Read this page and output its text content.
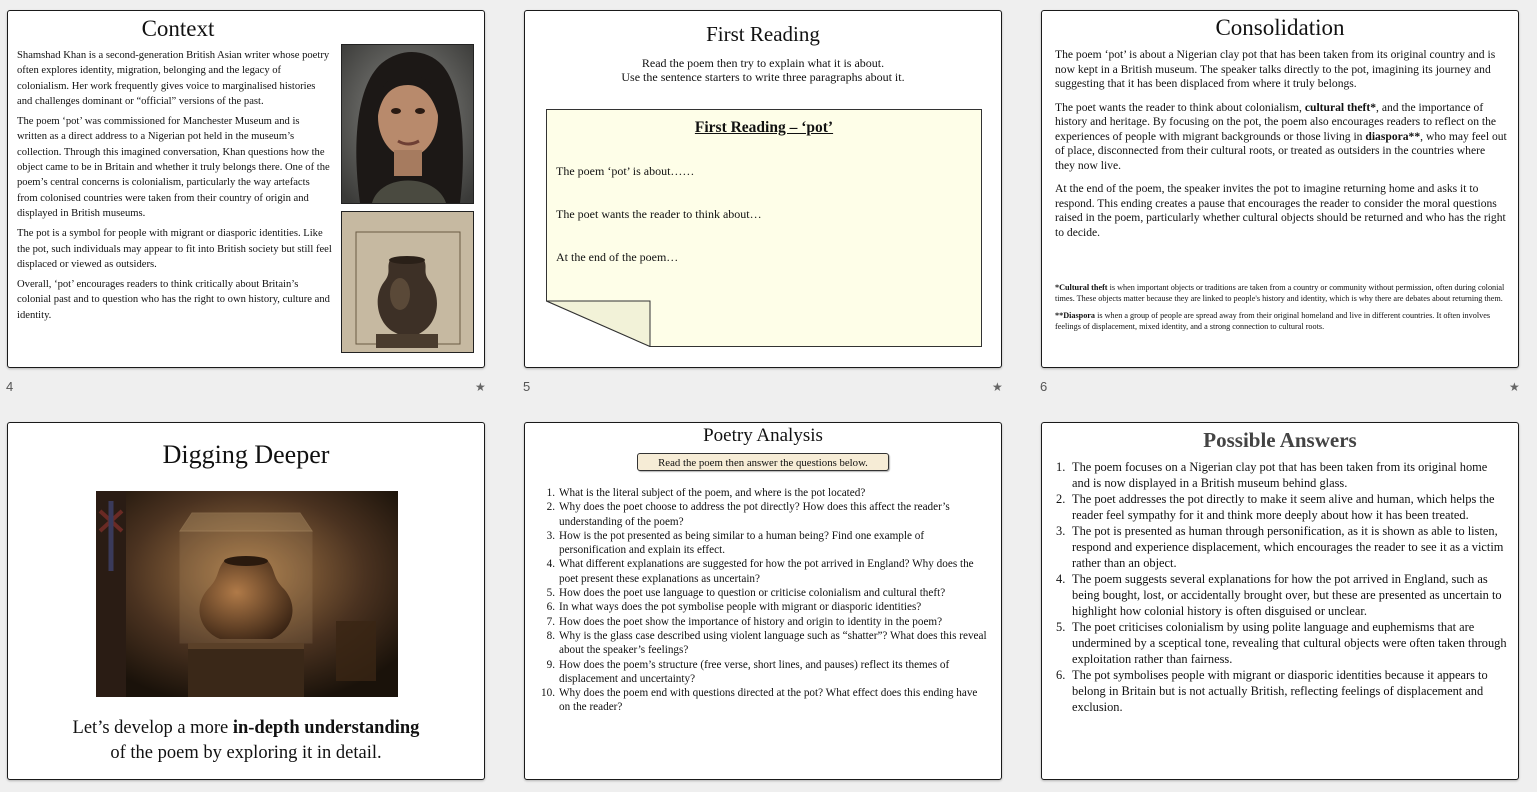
Context

Shamshad Khan is a second-generation British Asian writer whose poetry often explores identity, migration, belonging and the legacy of colonialism. Her work frequently gives voice to marginalised histories and challenges dominant or “official” versions of the past.

The poem ‘pot’ was commissioned for Manchester Museum and is written as a direct address to a Nigerian pot held in the museum’s collection. Through this imagined conversation, Khan questions how the object came to be in Britain and whether it truly belongs there. One of the poem’s central concerns is colonialism, particularly the way artefacts from colonised countries were taken from their country of origin and displayed in British museums.

The pot is a symbol for people with migrant or diasporic identities. Like the pot, such individuals may appear to fit into British society but still feel displaced or viewed as outsiders.

Overall, ‘pot’ encourages readers to think critically about Britain’s colonial past and to question who has the right to own history, culture and identity.

4	★
First Reading
Read the poem then try to explain what it is about.
Use the sentence starters to write three paragraphs about it.
First Reading – ‘pot’
The poem ‘pot’ is about……
The poet wants the reader to think about…
At the end of the poem…
5	★
Consolidation

The poem ‘pot’ is about a Nigerian clay pot that has been taken from its original country and is now kept in a British museum. The speaker talks directly to the pot, imagining its journey and suggesting that it has been displaced from where it truly belongs.

The poet wants the reader to think about colonialism, cultural theft*, and the importance of history and heritage. By focusing on the pot, the poem also encourages readers to reflect on the experiences of people with migrant backgrounds or those living in diaspora**, who may feel out of place, disconnected from their cultural roots, or treated as outsiders in the countries where they now live.

At the end of the poem, the speaker invites the pot to imagine returning home and asks it to respond. This ending creates a pause that encourages the reader to consider the moral questions raised in the poem, particularly whether cultural objects should be returned and who has the right to decide.

*Cultural theft is when important objects or traditions are taken from a country or community without permission, often during colonial times. These objects matter because they are linked to people's history and identity, which is why there are debates about returning them.

**Diaspora is when a group of people are spread away from their original homeland and live in different countries. It often involves feelings of displacement, mixed identity, and a strong connection to cultural roots.

6	★
Digging Deeper
Let’s develop a more in-depth understanding
of the poem by exploring it in detail.
Poetry Analysis
Read the poem then answer the questions below.
1. What is the literal subject of the poem, and where is the pot located?
2. Why does the poet choose to address the pot directly? How does this affect the reader’s understanding of the poem?
3. How is the pot presented as being similar to a human being? Find one example of personification and explain its effect.
4. What different explanations are suggested for how the pot arrived in England? Why does the poet present these explanations as uncertain?
5. How does the poet use language to question or criticise colonialism and cultural theft?
6. In what ways does the pot symbolise people with migrant or diasporic identities?
7. How does the poet show the importance of history and origin to identity in the poem?
8. Why is the glass case described using violent language such as “shatter”? What does this reveal about the speaker’s feelings?
9. How does the poem’s structure (free verse, short lines, and pauses) reflect its themes of displacement and uncertainty?
10. Why does the poem end with questions directed at the pot? What effect does this ending have on the reader?
Possible Answers
1. The poem focuses on a Nigerian clay pot that has been taken from its original home and is now displayed in a British museum behind glass.
2. The poet addresses the pot directly to make it seem alive and human, which helps the reader feel sympathy for it and think more deeply about how it has been treated.
3. The pot is presented as human through personification, as it is shown as able to listen, respond and experience displacement, which encourages the reader to see it as a victim rather than an object.
4. The poem suggests several explanations for how the pot arrived in England, such as being bought, lost, or accidentally brought over, but these are presented as uncertain to highlight how colonial history is often disguised or unclear.
5. The poet criticises colonialism by using polite language and euphemisms that are undermined by a sceptical tone, revealing that cultural objects were often taken through exploitation rather than fairness.
6. The pot symbolises people with migrant or diasporic identities because it appears to belong in Britain but is not actually British, reflecting feelings of displacement and exclusion.
